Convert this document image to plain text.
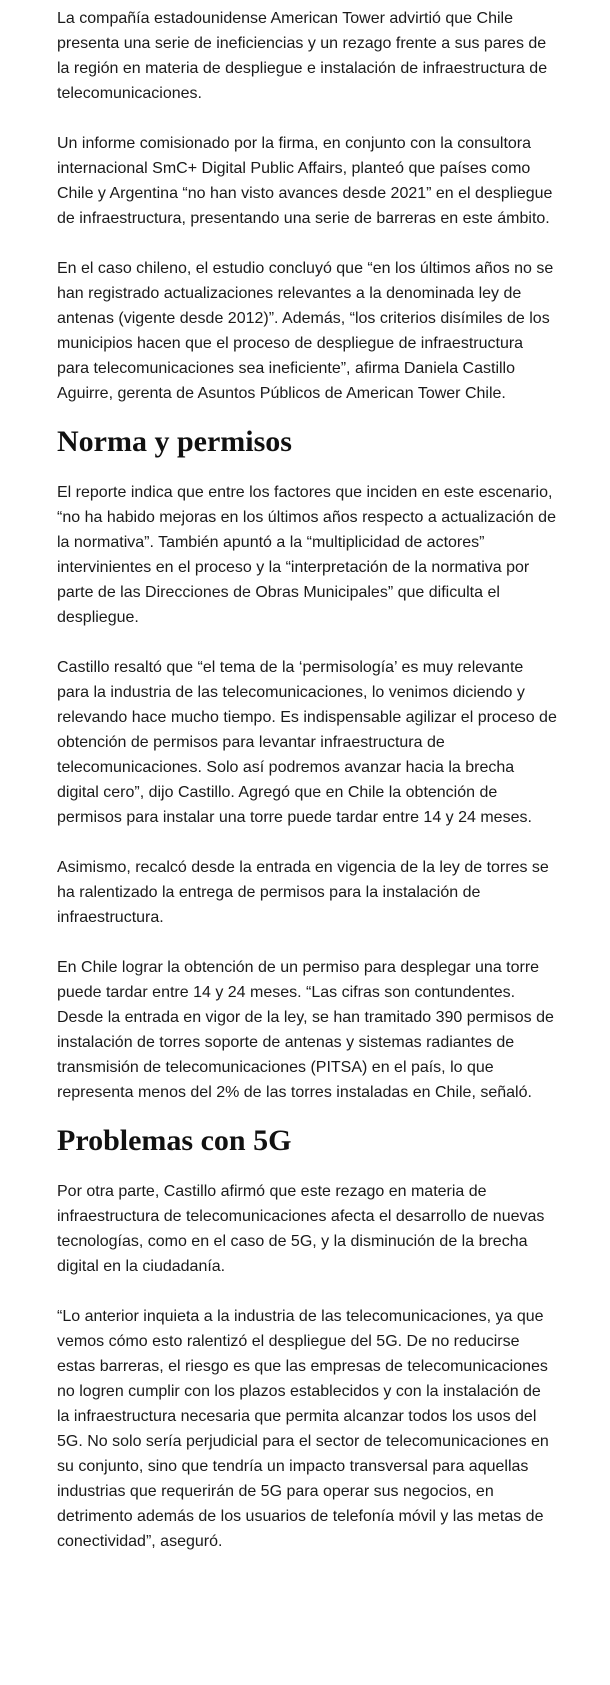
La compañía estadounidense American Tower advirtió que Chile presenta una serie de ineficiencias y un rezago frente a sus pares de la región en materia de despliegue e instalación de infraestructura de telecomunicaciones.

Un informe comisionado por la firma, en conjunto con la consultora internacional SmC+ Digital Public Affairs, planteó que países como Chile y Argentina “no han visto avances desde 2021” en el despliegue de infraestructura, presentando una serie de barreras en este ámbito.

En el caso chileno, el estudio concluyó que “en los últimos años no se han registrado actualizaciones relevantes a la denominada ley de antenas (vigente desde 2012)”. Además, “los criterios disímiles de los municipios hacen que el proceso de despliegue de infraestructura para telecomunicaciones sea ineficiente”, afirma Daniela Castillo Aguirre, gerenta de Asuntos Públicos de American Tower Chile.

Norma y permisos

El reporte indica que entre los factores que inciden en este escenario, “no ha habido mejoras en los últimos años respecto a actualización de la normativa”. También apuntó a la “multiplicidad de actores” intervinientes en el proceso y la “interpretación de la normativa por parte de las Direcciones de Obras Municipales” que dificulta el despliegue.

Castillo resaltó que “el tema de la ‘permisología’ es muy relevante para la industria de las telecomunicaciones, lo venimos diciendo y relevando hace mucho tiempo. Es indispensable agilizar el proceso de obtención de permisos para levantar infraestructura de telecomunicaciones. Solo así podremos avanzar hacia la brecha digital cero”, dijo Castillo. Agregó que en Chile la obtención de permisos para instalar una torre puede tardar entre 14 y 24 meses.

Asimismo, recalcó desde la entrada en vigencia de la ley de torres se ha ralentizado la entrega de permisos para la instalación de infraestructura.

En Chile lograr la obtención de un permiso para desplegar una torre puede tardar entre 14 y 24 meses. “Las cifras son contundentes. Desde la entrada en vigor de la ley, se han tramitado 390 permisos de instalación de torres soporte de antenas y sistemas radiantes de transmisión de telecomunicaciones (PITSA) en el país, lo que representa menos del 2% de las torres instaladas en Chile, señaló.

Problemas con 5G

Por otra parte, Castillo afirmó que este rezago en materia de infraestructura de telecomunicaciones afecta el desarrollo de nuevas tecnologías, como en el caso de 5G, y la disminución de la brecha digital en la ciudadanía.

“Lo anterior inquieta a la industria de las telecomunicaciones, ya que vemos cómo esto ralentizó el despliegue del 5G. De no reducirse estas barreras, el riesgo es que las empresas de telecomunicaciones no logren cumplir con los plazos establecidos y con la instalación de la infraestructura necesaria que permita alcanzar todos los usos del 5G. No solo sería perjudicial para el sector de telecomunicaciones en su conjunto, sino que tendría un impacto transversal para aquellas industrias que requerirán de 5G para operar sus negocios, en detrimento además de los usuarios de telefonía móvil y las metas de conectividad”, aseguró.
